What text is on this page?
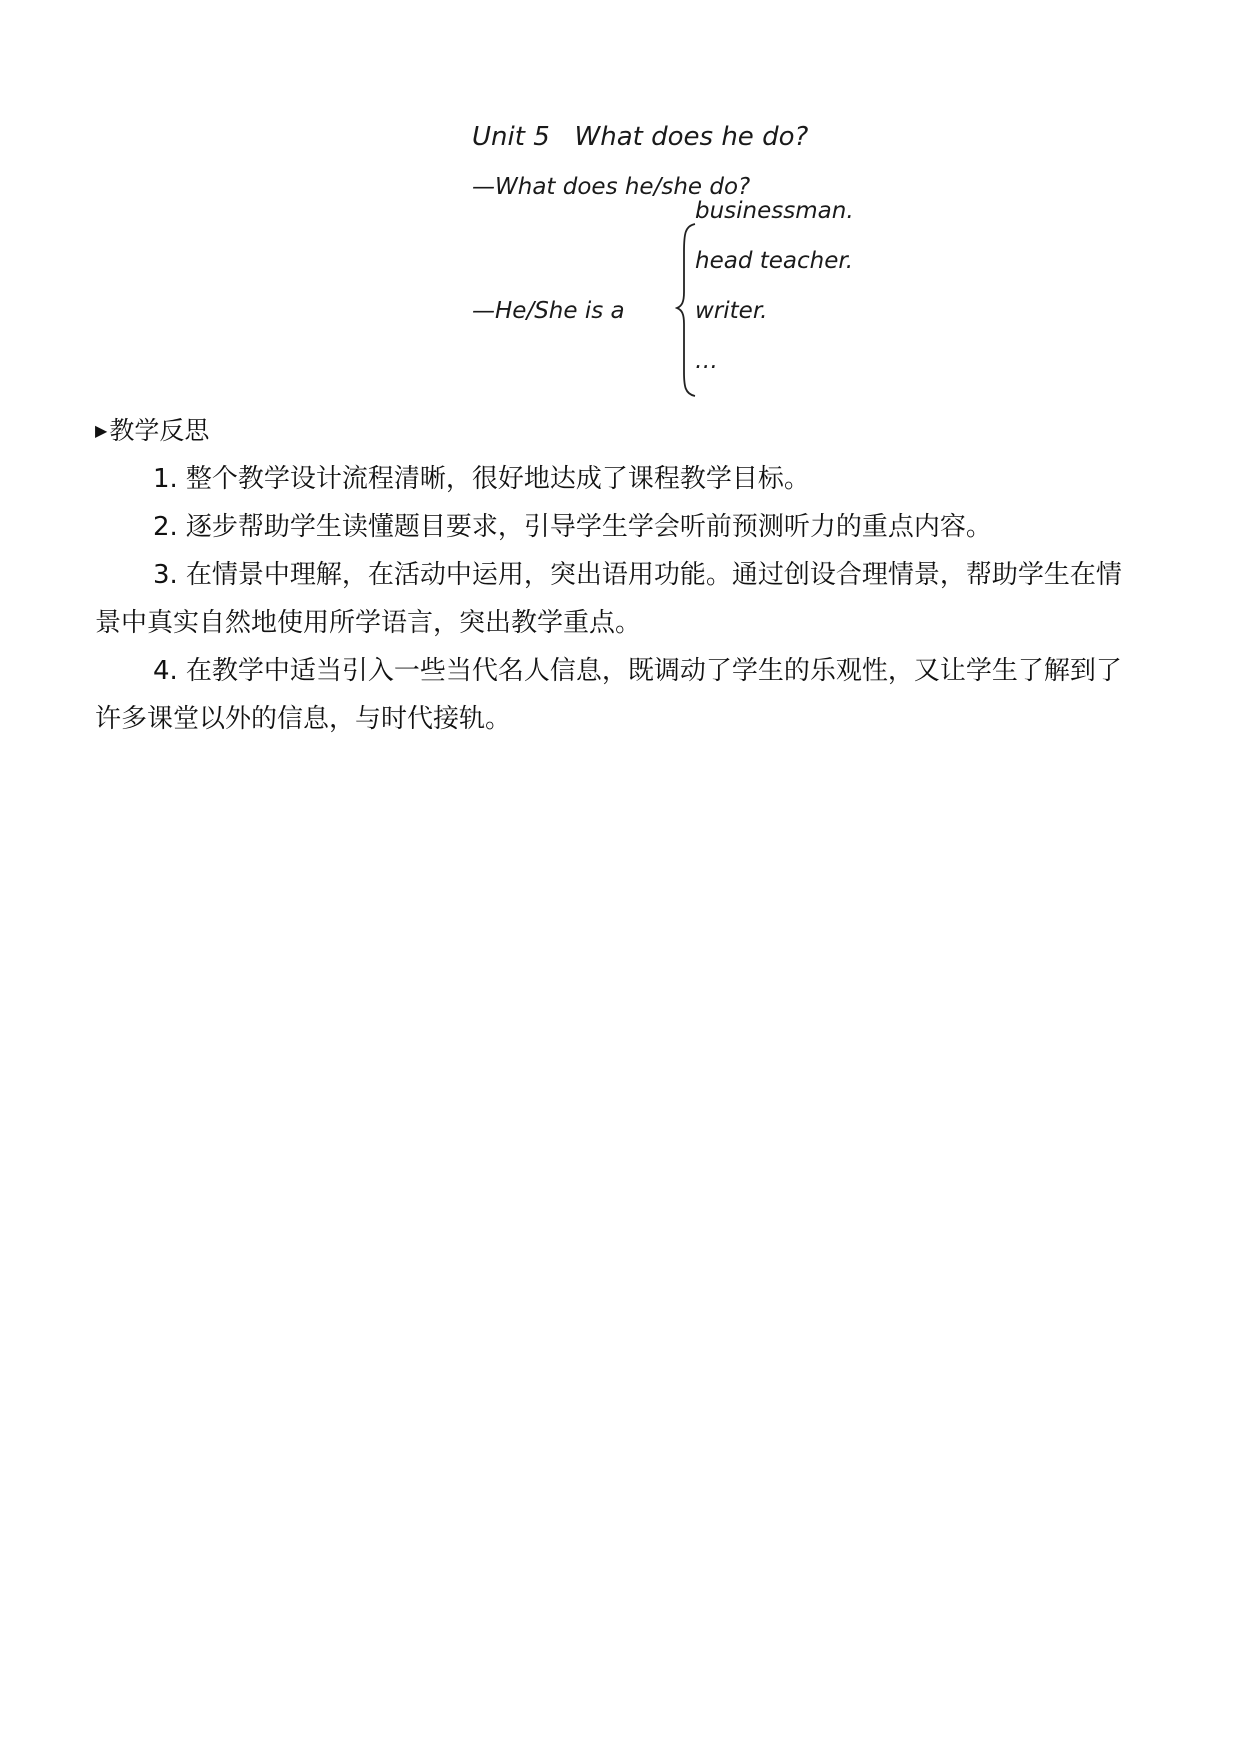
Unit 5 What does he do?
—What does he/she do?
—He/She is a
businessman.
head teacher.
writer.
…
▶教学反思

1. 整个教学设计流程清晰，很好地达成了课程教学目标。

2. 逐步帮助学生读懂题目要求，引导学生学会听前预测听力的重点内容。

3. 在情景中理解，在活动中运用，突出语用功能。通过创设合理情景，帮助学生在情景中真实自然地使用所学语言，突出教学重点。

4. 在教学中适当引入一些当代名人信息，既调动了学生的乐观性，又让学生了解到了许多课堂以外的信息，与时代接轨。
